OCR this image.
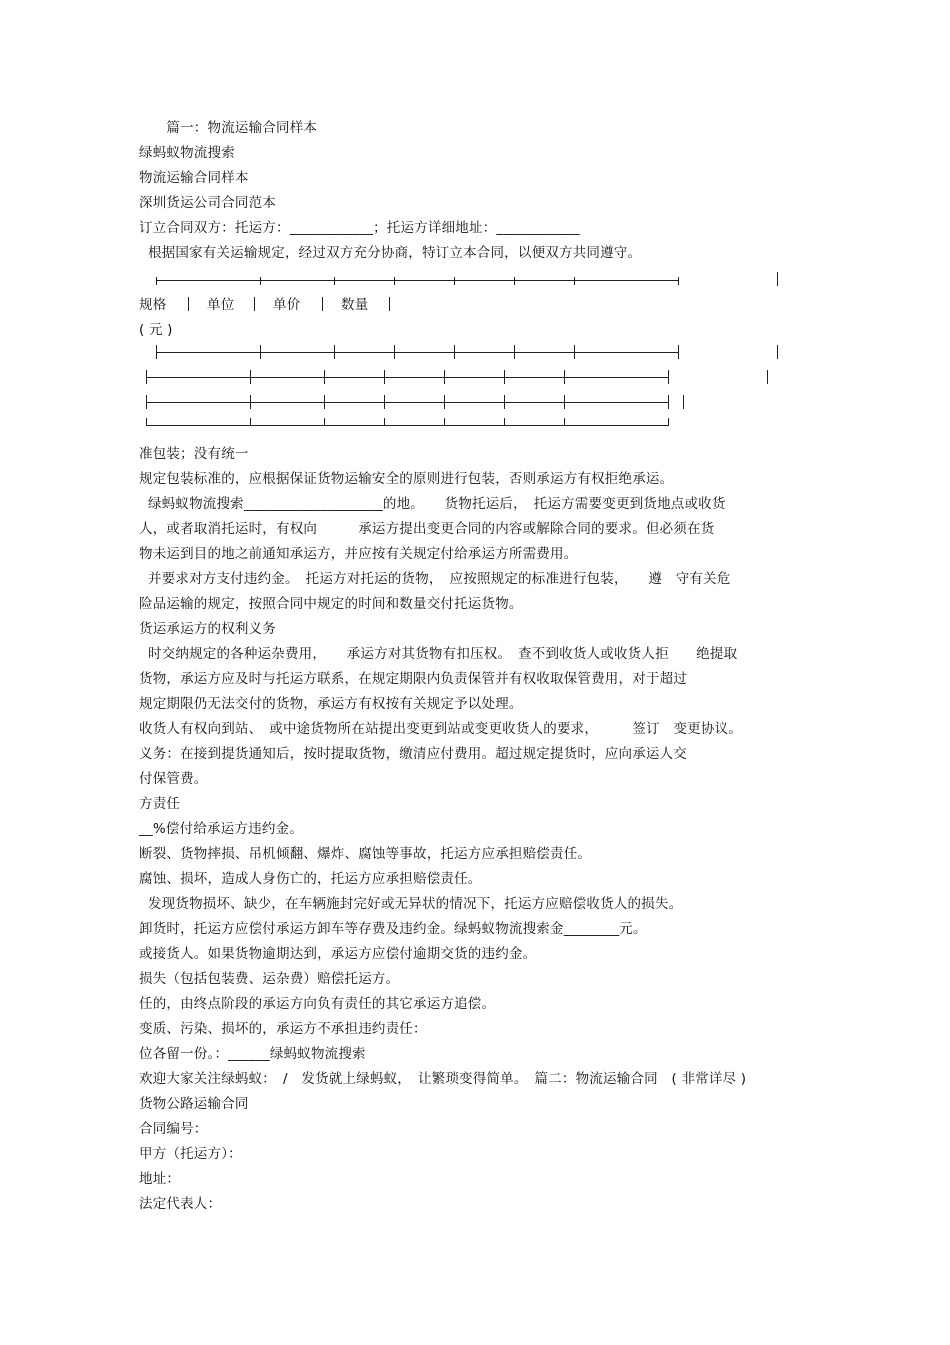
　　篇一：物流运输合同样本
绿蚂蚁物流搜索
物流运输合同样本
深圳货运公司合同范本
订立合同双方：托运方：____________；托运方详细地址：____________
根据国家有关运输规定，经过双方充分协商，特订立本合同，以便双方共同遵守。
规格	单位	单价	数量
( 元 )
准包装；没有统一
规定包装标准的，应根据保证货物运输安全的原则进行包装，否则承运方有权拒绝承运。
绿蚂蚁物流搜索____________________的地。　　货物托运后，　托运方需要变更到货地点或收货
人，或者取消托运时，有权向　　　承运方提出变更合同的内容或解除合同的要求。但必须在货
物未运到目的地之前通知承运方，并应按有关规定付给承运方所需费用。
并要求对方支付违约金。　托运方对托运的货物，　应按照规定的标准进行包装，　　遵　守有关危
险品运输的规定，按照合同中规定的时间和数量交付托运货物。
货运承运方的权利义务
时交纳规定的各种运杂费用，　　承运方对其货物有扣压权。　查不到收货人或收货人拒　　绝提取
货物，承运方应及时与托运方联系，在规定期限内负责保管并有权收取保管费用，对于超过
规定期限仍无法交付的货物，承运方有权按有关规定予以处理。
收货人有权向到站、　或中途货物所在站提出变更到站或变更收货人的要求，　　　签订　变更协议。
义务：在接到提货通知后，按时提取货物，缴清应付费用。超过规定提货时，应向承运人交
付保管费。
方责任
__%偿付给承运方违约金。
断裂、货物摔损、吊机倾翻、爆炸、腐蚀等事故，托运方应承担赔偿责任。
腐蚀、损坏，造成人身伤亡的，托运方应承担赔偿责任。
发现货物损坏、缺少，在车辆施封完好或无异状的情况下，托运方应赔偿收货人的损失。
卸货时，托运方应偿付承运方卸车等存费及违约金。绿蚂蚁物流搜索金________元。
或接货人。如果货物逾期达到，承运方应偿付逾期交货的违约金。
损失（包括包装费、运杂费）赔偿托运方。
任的，由终点阶段的承运方向负有责任的其它承运方追偿。
变质、污染、损坏的，承运方不承担违约责任：
位各留一份。：______绿蚂蚁物流搜索
欢迎大家关注绿蚂蚁：　/　发货就上绿蚂蚁，　让繁琐变得简单。　篇二：物流运输合同　( 非常详尽 )
货物公路运输合同
合同编号：
甲方（托运方）：
地址：
法定代表人：
